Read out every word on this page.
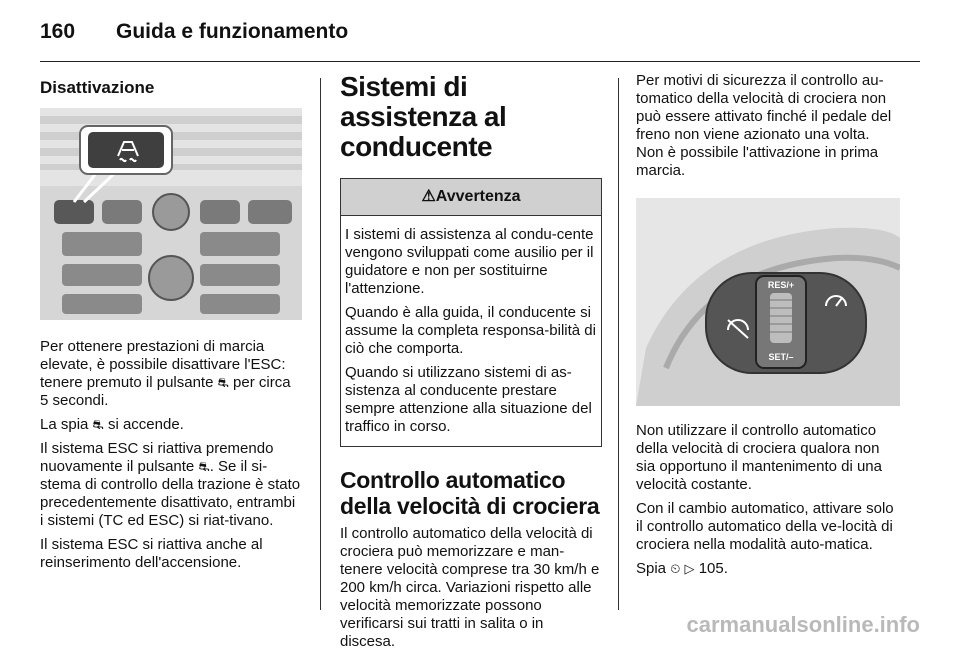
160 Guida e funzionamento
Disattivazione

Per ottenere prestazioni di marcia elevate, è possibile disattivare l'ESC: tenere premuto il pulsante ⛐ per circa 5 secondi.

La spia ⛐ si accende.

Il sistema ESC si riattiva premendo nuovamente il pulsante ⛐. Se il si-stema di controllo della trazione è stato precedentemente disattivato, entrambi i sistemi (TC ed ESC) si riat-tivano.

Il sistema ESC si riattiva anche al reinserimento dell'accensione.

Sistemi di assistenza al conducente
⚠Avvertenza

I sistemi di assistenza al condu-cente vengono sviluppati come ausilio per il guidatore e non per sostituirne l'attenzione.

Quando è alla guida, il conducente si assume la completa responsa-bilità di ciò che comporta.

Quando si utilizzano sistemi di as-sistenza al conducente prestare sempre attenzione alla situazione del traffico in corso.

Controllo automatico della velocità di crociera

Il controllo automatico della velocità di crociera può memorizzare e man-tenere velocità comprese tra 30 km/h e 200 km/h circa. Variazioni rispetto alle velocità memorizzate possono verificarsi sui tratti in salita o in discesa.

Per motivi di sicurezza il controllo au-tomatico della velocità di crociera non può essere attivato finché il pedale del freno non viene azionato una volta. Non è possibile l'attivazione in prima marcia.

RES/+
SET/–

Non utilizzare il controllo automatico della velocità di crociera qualora non sia opportuno il mantenimento di una velocità costante.

Con il cambio automatico, attivare solo il controllo automatico della ve-locità di crociera nella modalità auto-matica.

Spia ⏲ ▷ 105.

carmanualsonline.info
